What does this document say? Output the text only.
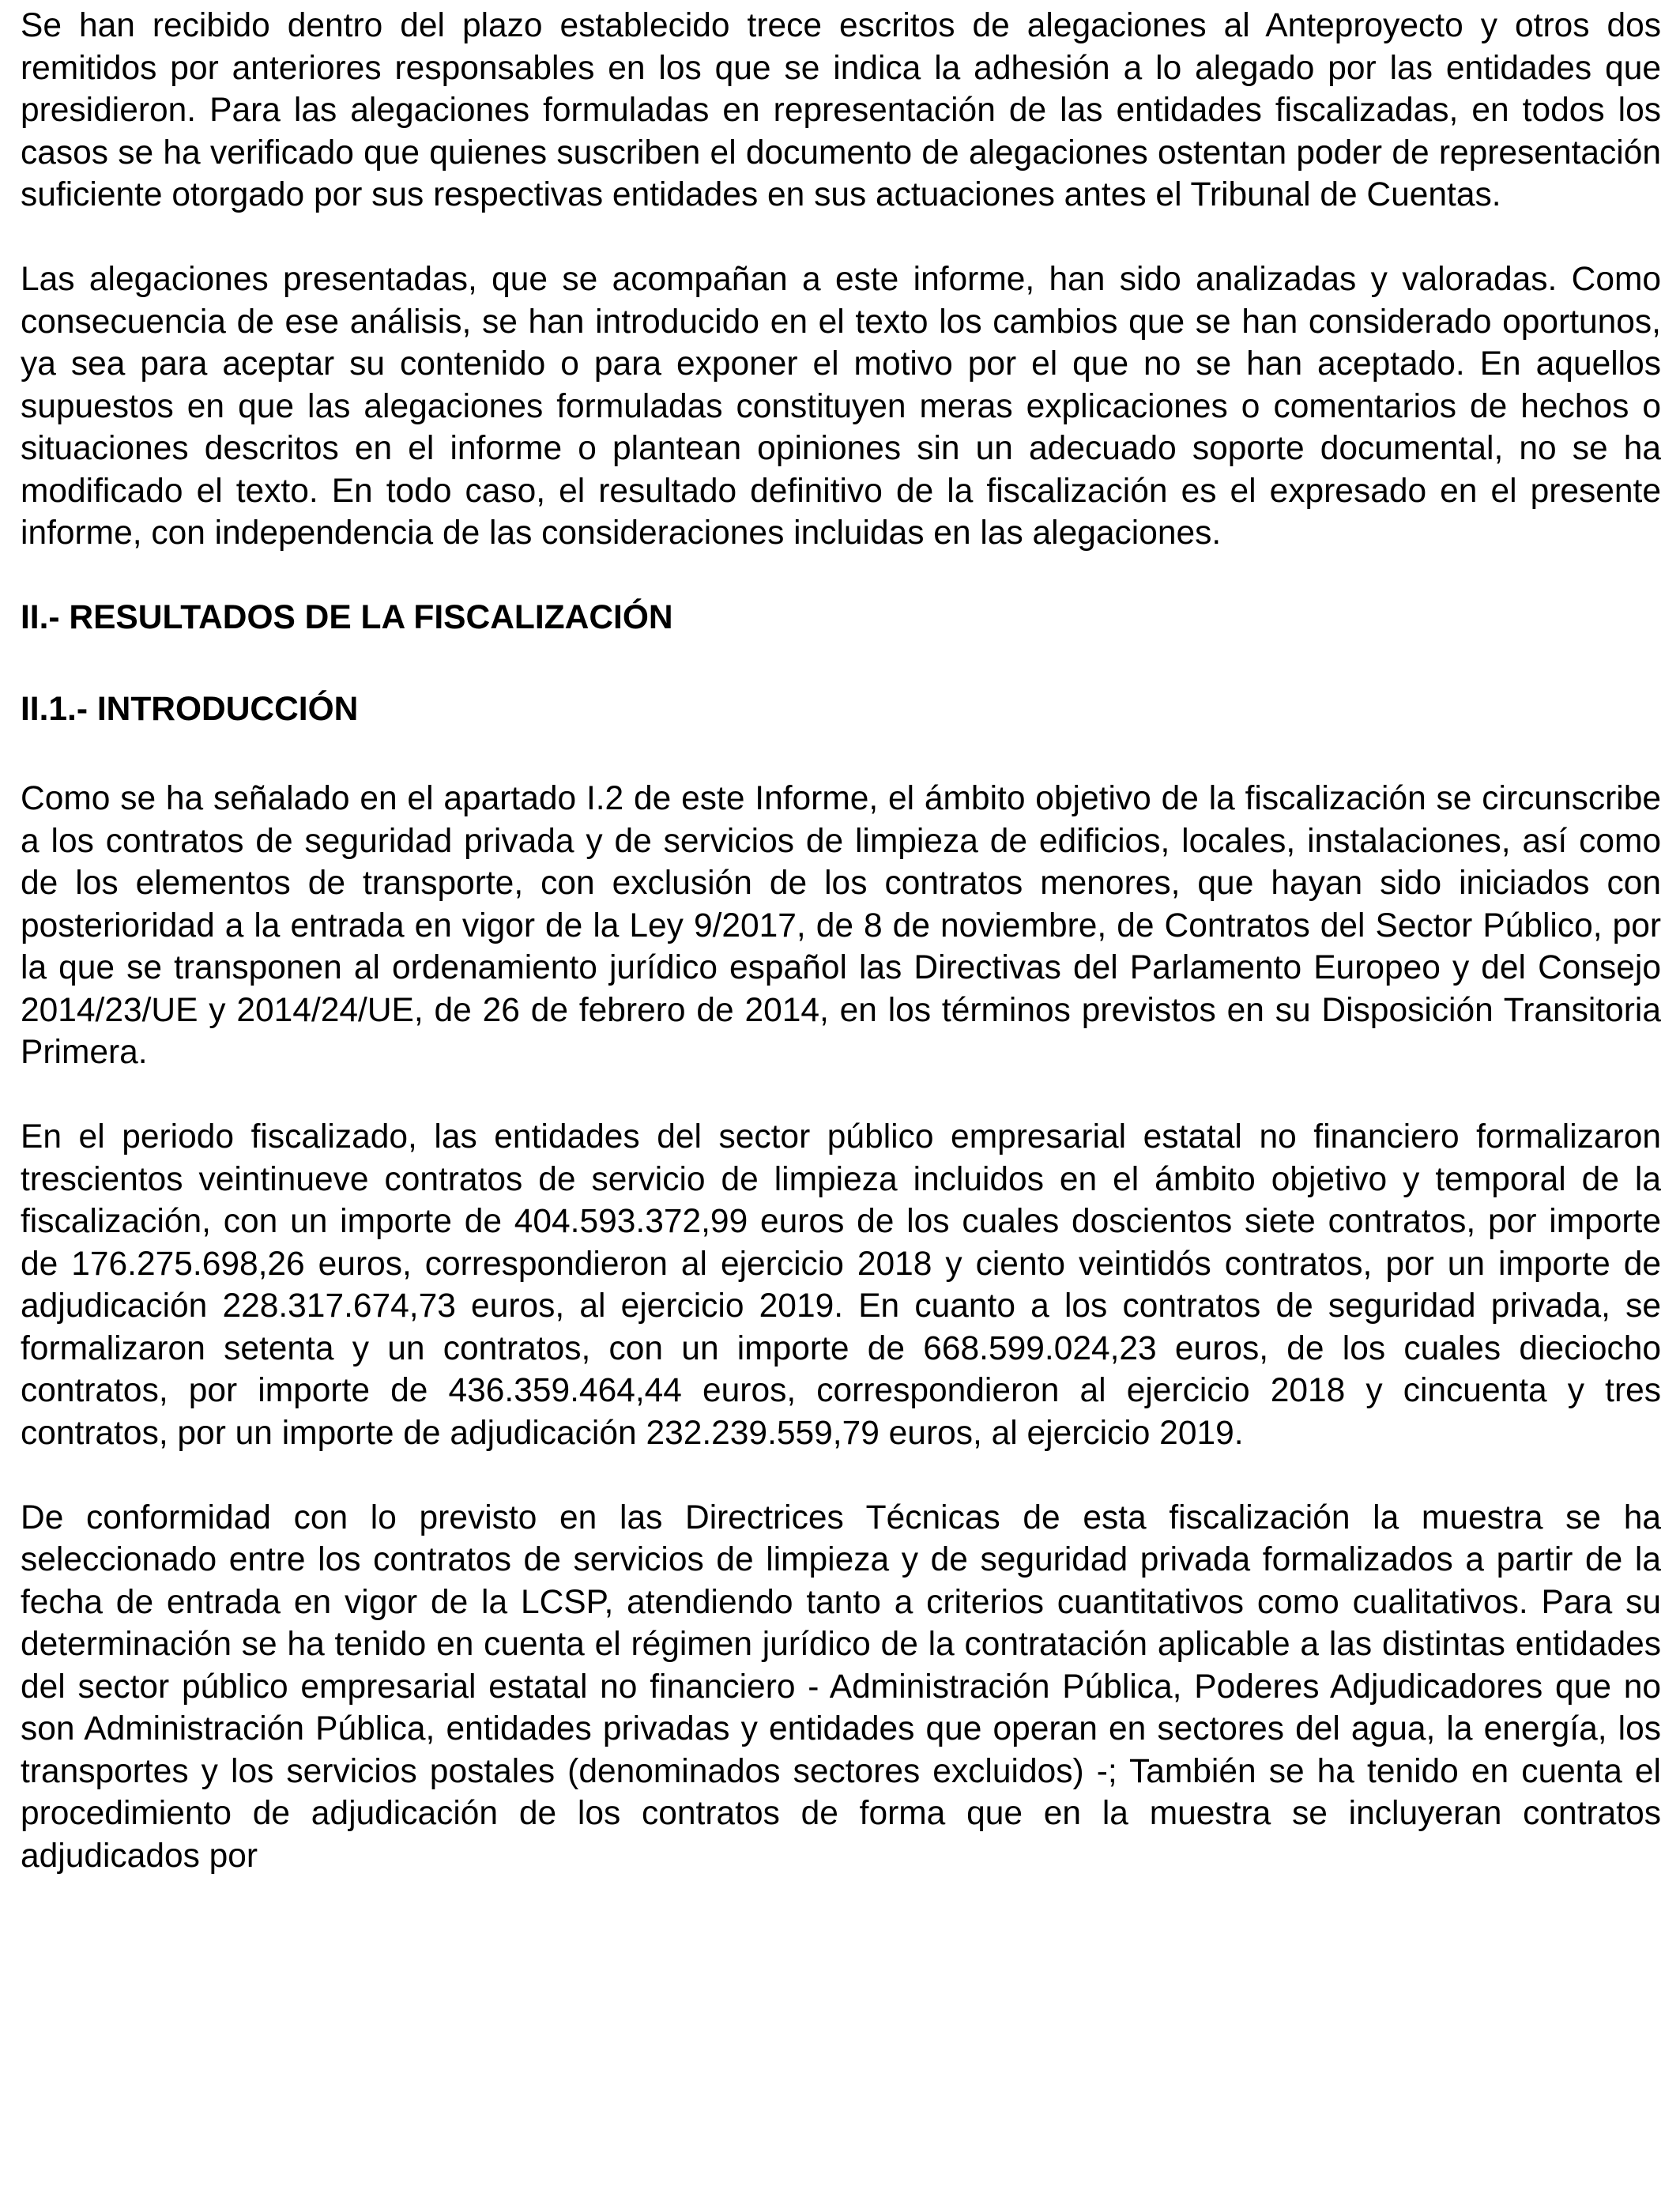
Se han recibido dentro del plazo establecido trece escritos de alegaciones al Anteproyecto y otros dos remitidos por anteriores responsables en los que se indica la adhesión a lo alegado por las entidades que presidieron. Para las alegaciones formuladas en representación de las entidades fiscalizadas, en todos los casos se ha verificado que quienes suscriben el documento de alegaciones ostentan poder de representación suficiente otorgado por sus respectivas entidades en sus actuaciones antes el Tribunal de Cuentas.

Las alegaciones presentadas, que se acompañan a este informe, han sido analizadas y valoradas. Como consecuencia de ese análisis, se han introducido en el texto los cambios que se han considerado oportunos, ya sea para aceptar su contenido o para exponer el motivo por el que no se han aceptado. En aquellos supuestos en que las alegaciones formuladas constituyen meras explicaciones o comentarios de hechos o situaciones descritos en el informe o plantean opiniones sin un adecuado soporte documental, no se ha modificado el texto. En todo caso, el resultado definitivo de la fiscalización es el expresado en el presente informe, con independencia de las consideraciones incluidas en las alegaciones.

II.- RESULTADOS DE LA FISCALIZACIÓN
II.1.- INTRODUCCIÓN

Como se ha señalado en el apartado I.2 de este Informe, el ámbito objetivo de la fiscalización se circunscribe a los contratos de seguridad privada y de servicios de limpieza de edificios, locales, instalaciones, así como de los elementos de transporte, con exclusión de los contratos menores, que hayan sido iniciados con posterioridad a la entrada en vigor de la Ley 9/2017, de 8 de noviembre, de Contratos del Sector Público, por la que se transponen al ordenamiento jurídico español las Directivas del Parlamento Europeo y del Consejo 2014/23/UE y 2014/24/UE, de 26 de febrero de 2014, en los términos previstos en su Disposición Transitoria Primera.

En el periodo fiscalizado, las entidades del sector público empresarial estatal no financiero formalizaron trescientos veintinueve contratos de servicio de limpieza incluidos en el ámbito objetivo y temporal de la fiscalización, con un importe de 404.593.372,99 euros de los cuales doscientos siete contratos, por importe de 176.275.698,26 euros, correspondieron al ejercicio 2018 y ciento veintidós contratos, por un importe de adjudicación 228.317.674,73 euros, al ejercicio 2019. En cuanto a los contratos de seguridad privada, se formalizaron setenta y un contratos, con un importe de 668.599.024,23 euros, de los cuales dieciocho contratos, por importe de 436.359.464,44 euros, correspondieron al ejercicio 2018 y cincuenta y tres contratos, por un importe de adjudicación 232.239.559,79 euros, al ejercicio 2019.

De conformidad con lo previsto en las Directrices Técnicas de esta fiscalización la muestra se ha seleccionado entre los contratos de servicios de limpieza y de seguridad privada formalizados a partir de la fecha de entrada en vigor de la LCSP, atendiendo tanto a criterios cuantitativos como cualitativos. Para su determinación se ha tenido en cuenta el régimen jurídico de la contratación aplicable a las distintas entidades del sector público empresarial estatal no financiero - Administración Pública, Poderes Adjudicadores que no son Administración Pública, entidades privadas y entidades que operan en sectores del agua, la energía, los transportes y los servicios postales (denominados sectores excluidos) -; También se ha tenido en cuenta el procedimiento de adjudicación de los contratos de forma que en la muestra se incluyeran contratos adjudicados por
